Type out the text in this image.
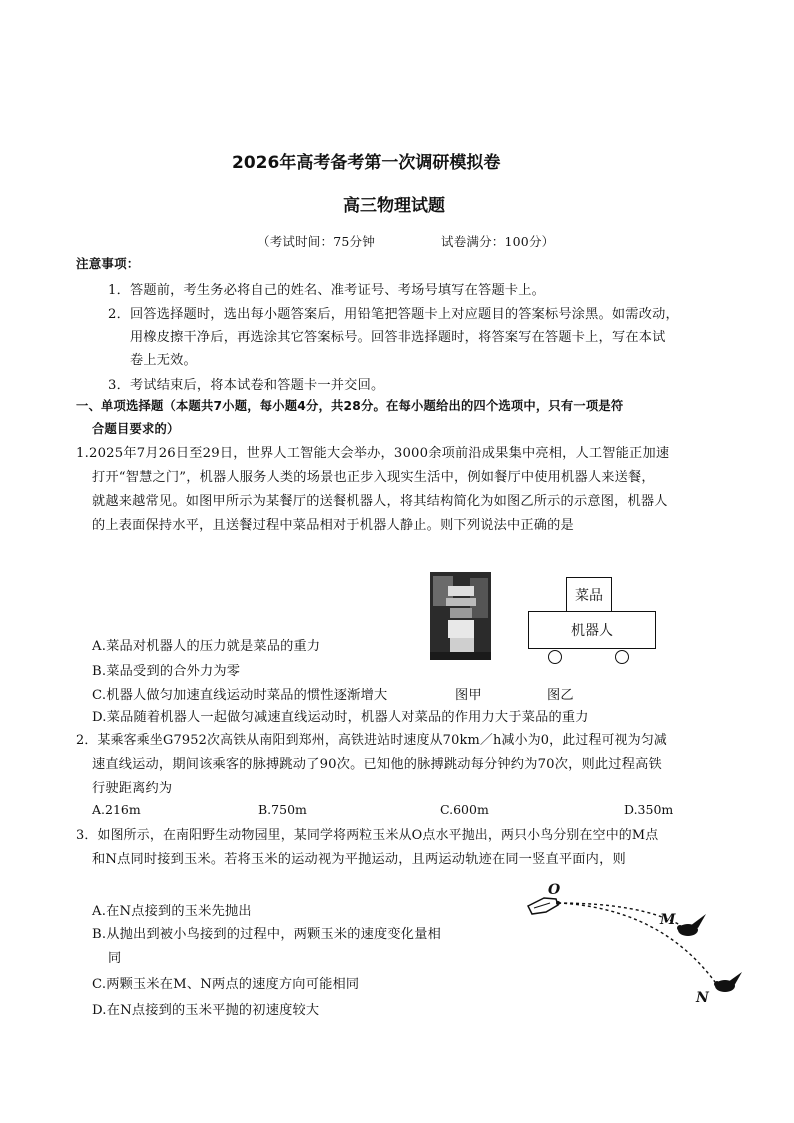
2026年高考备考第一次调研模拟卷
高三物理试题
（考试时间：75分钟	试卷满分：100分）
注意事项：
1．答题前，考生务必将自己的姓名、准考证号、考场号填写在答题卡上。
2．回答选择题时，选出每小题答案后，用铅笔把答题卡上对应题目的答案标号涂黑。如需改动，
用橡皮擦干净后，再选涂其它答案标号。回答非选择题时，将答案写在答题卡上，写在本试
卷上无效。
3．考试结束后，将本试卷和答题卡一并交回。
一、单项选择题（本题共7小题，每小题4分，共28分。在每小题给出的四个选项中，只有一项是符
合题目要求的）
1.2025年7月26日至29日，世界人工智能大会举办，3000余项前沿成果集中亮相，人工智能正加速
打开“智慧之门”，机器人服务人类的场景也正步入现实生活中，例如餐厅中使用机器人来送餐，
就越来越常见。如图甲所示为某餐厅的送餐机器人，将其结构简化为如图乙所示的示意图，机器人
的上表面保持水平，且送餐过程中菜品相对于机器人静止。则下列说法中正确的是
菜品
机器人
A.菜品对机器人的压力就是菜品的重力
B.菜品受到的合外力为零
C.机器人做匀加速直线运动时菜品的惯性逐渐增大	图甲	图乙
D.菜品随着机器人一起做匀减速直线运动时，机器人对菜品的作用力大于菜品的重力
2．某乘客乘坐G7952次高铁从南阳到郑州，高铁进站时速度从70km／h减小为0，此过程可视为匀减
速直线运动，期间该乘客的脉搏跳动了90次。已知他的脉搏跳动每分钟约为70次，则此过程高铁
行驶距离约为
A.216m	B.750m	C.600m	D.350m
3．如图所示，在南阳野生动物园里，某同学将两粒玉米从O点水平抛出，两只小鸟分别在空中的M点
和N点同时接到玉米。若将玉米的运动视为平抛运动，且两运动轨迹在同一竖直平面内，则
A.在N点接到的玉米先抛出
B.从抛出到被小鸟接到的过程中，两颗玉米的速度变化量相
同
C.两颗玉米在M、N两点的速度方向可能相同
D.在N点接到的玉米平抛的初速度较大
O
M
N
